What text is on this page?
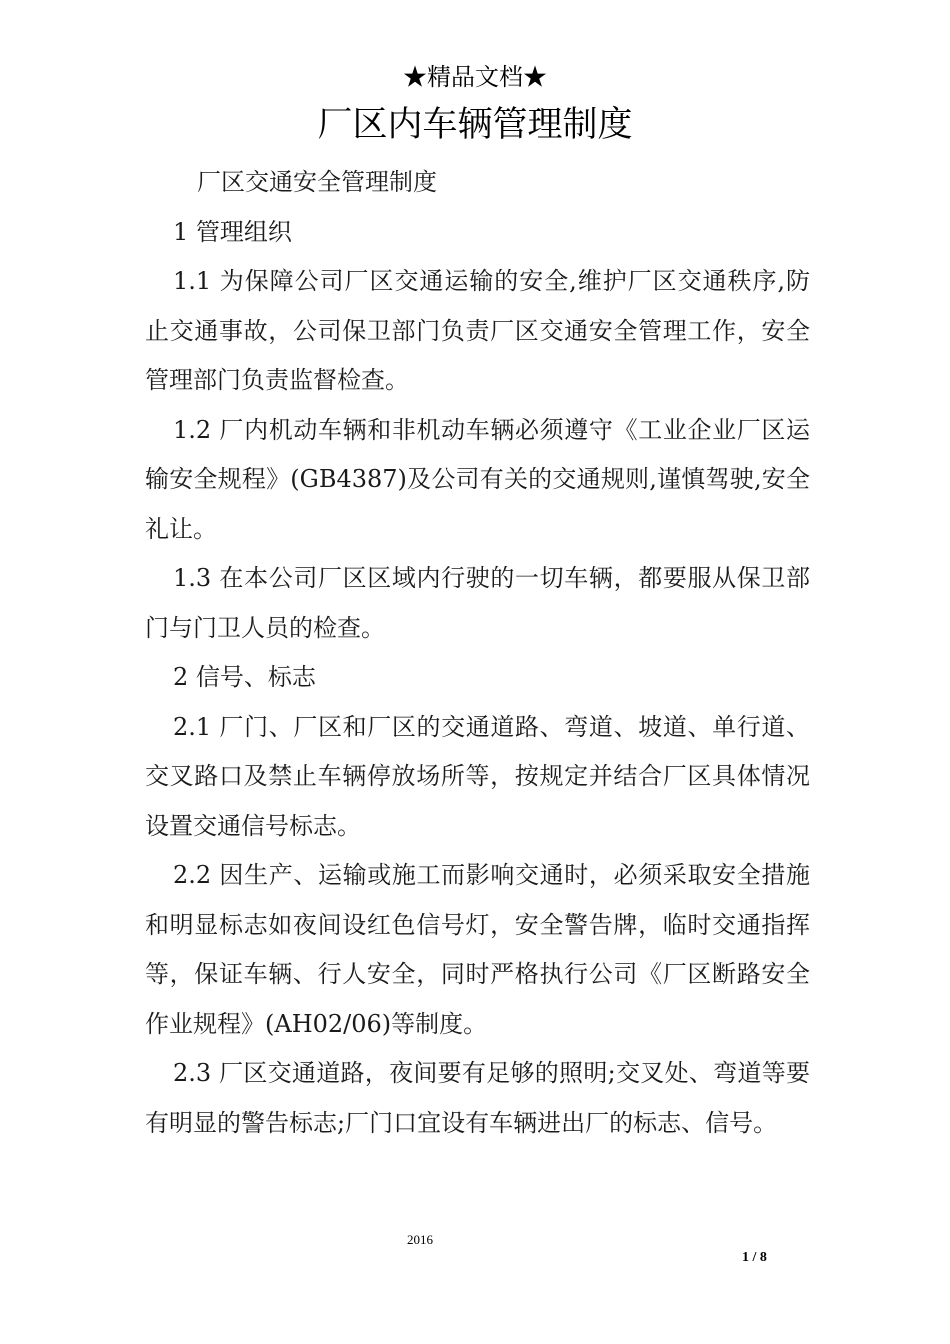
★精品文档★
厂区内车辆管理制度

厂区交通安全管理制度

1 管理组织

1.1 为保障公司厂区交通运输的安全,维护厂区交通秩序,防止交通事故，公司保卫部门负责厂区交通安全管理工作，安全管理部门负责监督检查。

1.2 厂内机动车辆和非机动车辆必须遵守《工业企业厂区运输安全规程》(GB4387)及公司有关的交通规则,谨慎驾驶,安全礼让。

1.3 在本公司厂区区域内行驶的一切车辆，都要服从保卫部门与门卫人员的检查。

2 信号、标志

2.1 厂门、厂区和厂区的交通道路、弯道、坡道、单行道、交叉路口及禁止车辆停放场所等，按规定并结合厂区具体情况设置交通信号标志。

2.2 因生产、运输或施工而影响交通时，必须采取安全措施和明显标志如夜间设红色信号灯，安全警告牌，临时交通指挥等，保证车辆、行人安全，同时严格执行公司《厂区断路安全作业规程》(AH02/06)等制度。

2.3 厂区交通道路，夜间要有足够的照明;交叉处、弯道等要有明显的警告标志;厂门口宜设有车辆进出厂的标志、信号。

2016
1 / 8
